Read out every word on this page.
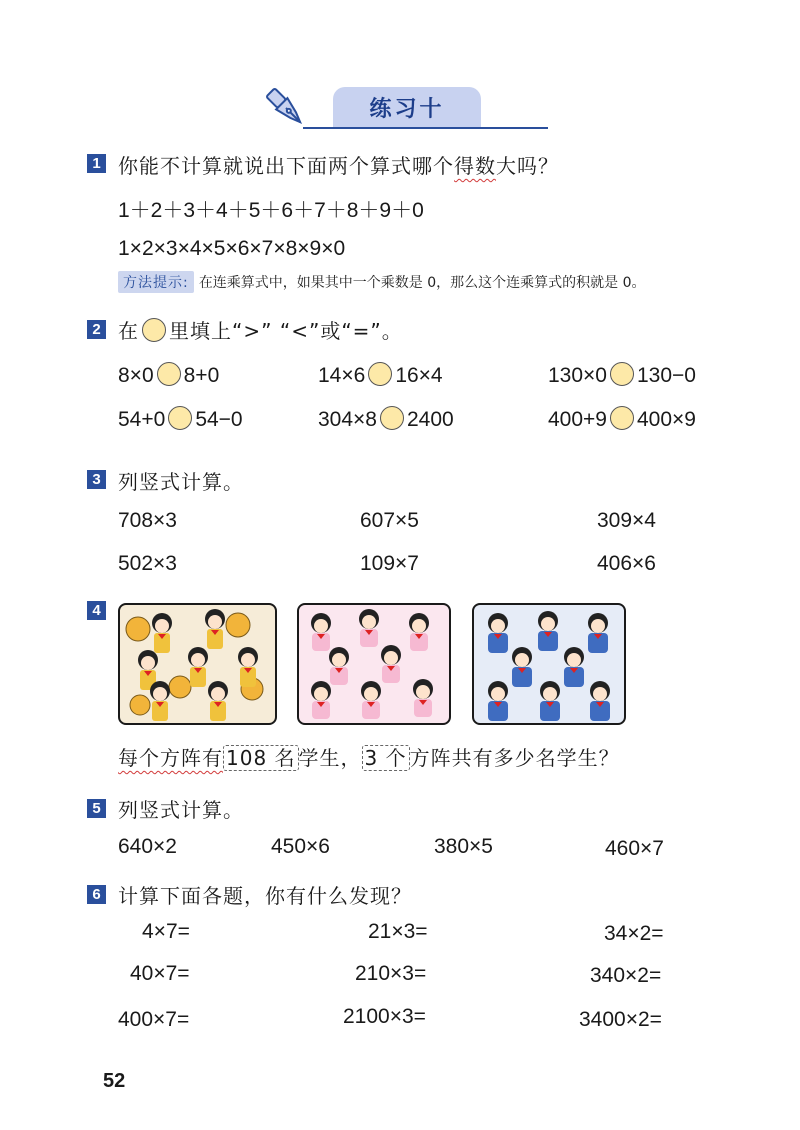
练习十
1 你能不计算就说出下面两个算式哪个得数大吗？
1＋2＋3＋4＋5＋6＋7＋8＋9＋0
1×2×3×4×5×6×7×8×9×0
方法提示: 在连乘算式中，如果其中一个乘数是 0，那么这个连乘算式的积就是 0。
2 在 里填上“>” “<”或“=”。
8×0 8+0	14×6 16×4	130×0 130−0
54+0 54−0	304×8 2400	400+9 400×9
3 列竖式计算。
708×3	607×5	309×4
502×3	109×7	406×6
4
每个方阵有 108 名 学生， 3 个 方阵共有多少名学生？
5 列竖式计算。
640×2	450×6	380×5	460×7
6 计算下面各题，你有什么发现？
4×7=	21×3=	34×2=
40×7=	210×3=	340×2=
400×7=	2100×3=	3400×2=
52
